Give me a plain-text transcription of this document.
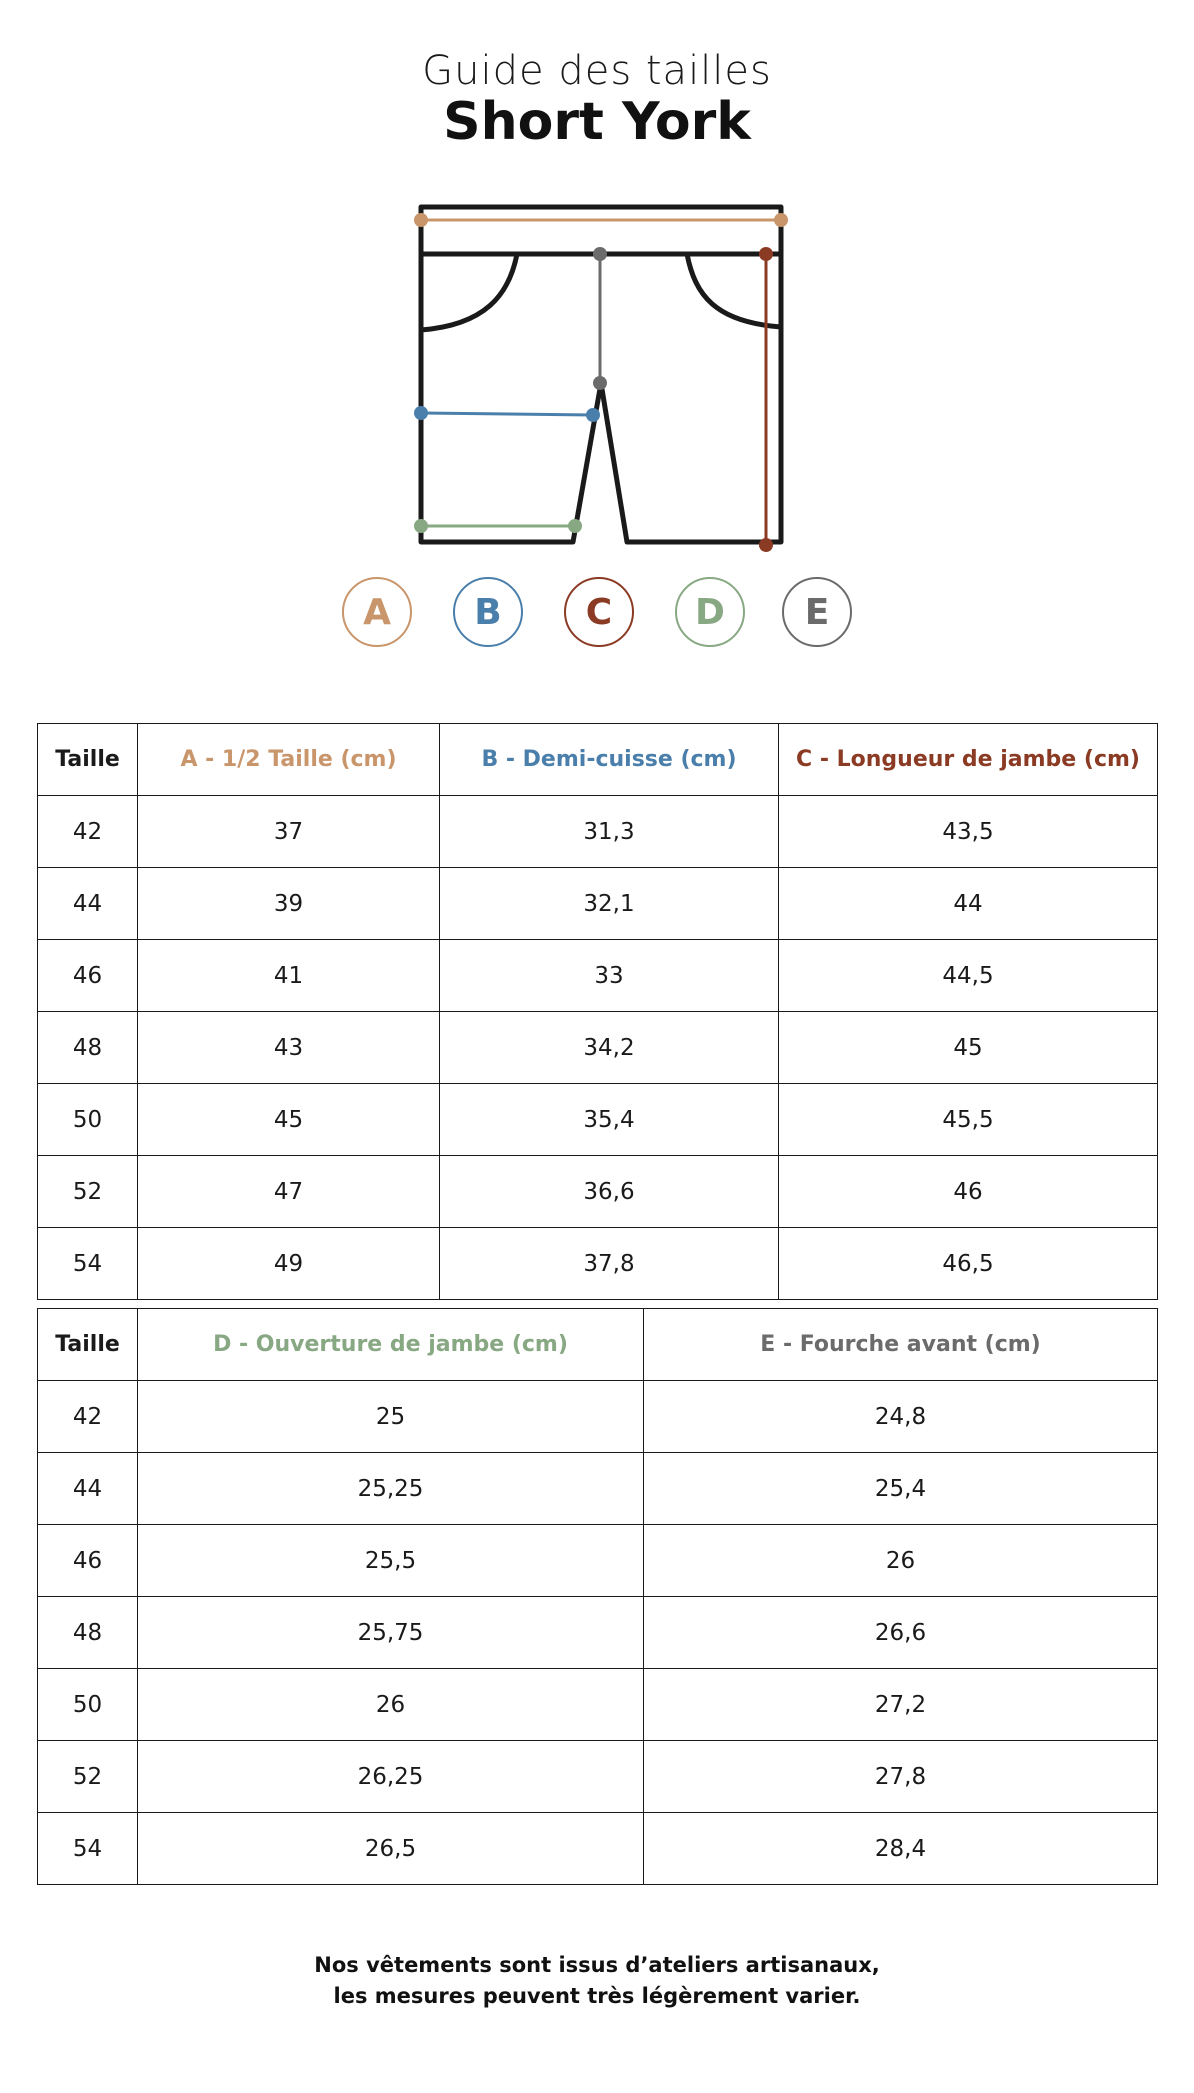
Guide des tailles
Short York
A	B	C	D	E
Taille	A - 1/2 Taille (cm)	B - Demi-cuisse (cm)	C - Longueur de jambe (cm)
42	37	31,3	43,5
44	39	32,1	44
46	41	33	44,5
48	43	34,2	45
50	45	35,4	45,5
52	47	36,6	46
54	49	37,8	46,5
Taille	D - Ouverture de jambe (cm)	E - Fourche avant (cm)
42	25	24,8
44	25,25	25,4
46	25,5	26
48	25,75	26,6
50	26	27,2
52	26,25	27,8
54	26,5	28,4
Nos vêtements sont issus d’ateliers artisanaux,
les mesures peuvent très légèrement varier.
